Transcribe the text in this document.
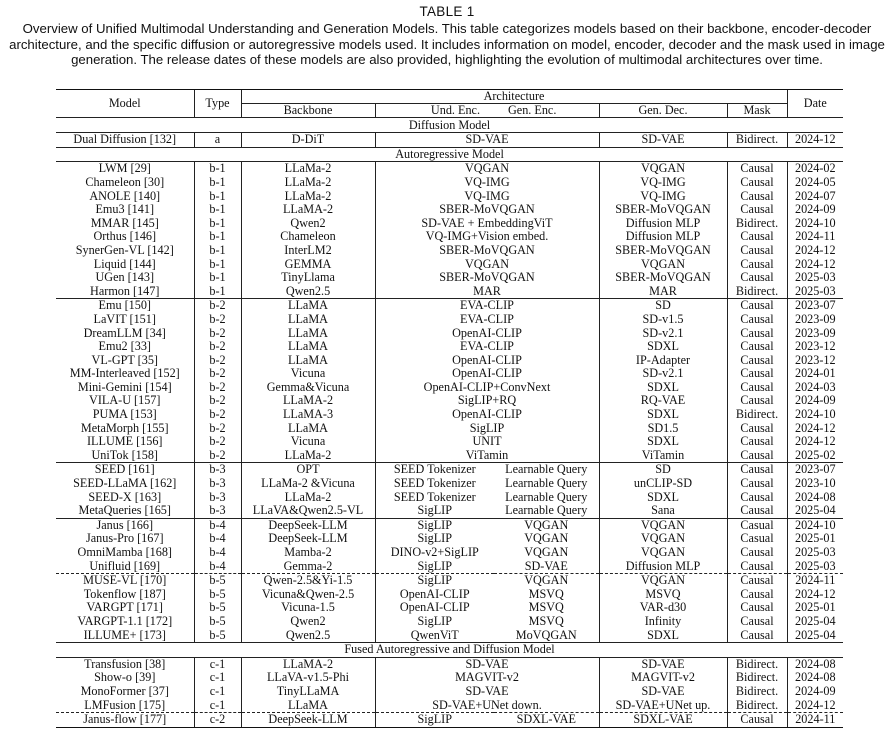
TABLE 1
Overview of Unified Multimodal Understanding and Generation Models. This table categorizes models based on their backbone, encoder-decoder architecture, and the specific diffusion or autoregressive models used. It includes information on model, encoder, decoder and the mask used in image generation. The release dates of these models are also provided, highlighting the evolution of multimodal architectures over time.
Model	Type	Architecture					Date
		Backbone	Und. Enc.	Gen. Enc.	Gen. Dec.	Mask	
Diffusion Model							
Dual Diffusion [132]	a	D-DiT	SD-VAE		SD-VAE	Bidirect.	2024-12
Autoregressive Model							
LWM [29]	b-1	LLaMa-2	VQGAN		VQGAN	Causal	2024-02
Chameleon [30]	b-1	LLaMa-2	VQ-IMG		VQ-IMG	Causal	2024-05
ANOLE [140]	b-1	LLaMa-2	VQ-IMG		VQ-IMG	Causal	2024-07
Emu3 [141]	b-1	LLaMA-2	SBER-MoVQGAN		SBER-MoVQGAN	Causal	2024-09
MMAR [145]	b-1	Qwen2	SD-VAE + EmbeddingViT		Diffusion MLP	Bidirect.	2024-10
Orthus [146]	b-1	Chameleon	VQ-IMG+Vision embed.		Diffusion MLP	Causal	2024-11
SynerGen-VL [142]	b-1	InterLM2	SBER-MoVQGAN		SBER-MoVQGAN	Causal	2024-12
Liquid [144]	b-1	GEMMA	VQGAN		VQGAN	Causal	2024-12
UGen [143]	b-1	TinyLlama	SBER-MoVQGAN		SBER-MoVQGAN	Causal	2025-03
Harmon [147]	b-1	Qwen2.5	MAR		MAR	Bidirect.	2025-03
Emu [150]	b-2	LLaMA	EVA-CLIP		SD	Causal	2023-07
LaVIT [151]	b-2	LLaMA	EVA-CLIP		SD-v1.5	Causal	2023-09
DreamLLM [34]	b-2	LLaMA	OpenAI-CLIP		SD-v2.1	Causal	2023-09
Emu2 [33]	b-2	LLaMA	EVA-CLIP		SDXL	Causal	2023-12
VL-GPT [35]	b-2	LLaMA	OpenAI-CLIP		IP-Adapter	Causal	2023-12
MM-Interleaved [152]	b-2	Vicuna	OpenAI-CLIP		SD-v2.1	Causal	2024-01
Mini-Gemini [154]	b-2	Gemma&Vicuna	OpenAI-CLIP+ConvNext		SDXL	Causal	2024-03
VILA-U [157]	b-2	LLaMA-2	SigLIP+RQ		RQ-VAE	Causal	2024-09
PUMA [153]	b-2	LLaMA-3	OpenAI-CLIP		SDXL	Bidirect.	2024-10
MetaMorph [155]	b-2	LLaMA	SigLIP		SD1.5	Causal	2024-12
ILLUME [156]	b-2	Vicuna	UNIT		SDXL	Causal	2024-12
UniTok [158]	b-2	LLaMa-2	ViTamin		ViTamin	Causal	2025-02
SEED [161]	b-3	OPT	SEED Tokenizer	Learnable Query	SD	Causal	2023-07
SEED-LLaMA [162]	b-3	LLaMa-2 &Vicuna	SEED Tokenizer	Learnable Query	unCLIP-SD	Causal	2023-10
SEED-X [163]	b-3	LLaMa-2	SEED Tokenizer	Learnable Query	SDXL	Causal	2024-08
MetaQueries [165]	b-3	LLaVA&Qwen2.5-VL	SigLIP	Learnable Query	Sana	Causal	2025-04
Janus [166]	b-4	DeepSeek-LLM	SigLIP	VQGAN	VQGAN	Casual	2024-10
Janus-Pro [167]	b-4	DeepSeek-LLM	SigLIP	VQGAN	VQGAN	Casual	2025-01
OmniMamba [168]	b-4	Mamba-2	DINO-v2+SigLIP	VQGAN	VQGAN	Causal	2025-03
Unifluid [169]	b-4	Gemma-2	SigLIP	SD-VAE	Diffusion MLP	Causal	2025-03
MUSE-VL [170]	b-5	Qwen-2.5&Yi-1.5	SigLIP	VQGAN	VQGAN	Causal	2024-11
Tokenflow [187]	b-5	Vicuna&Qwen-2.5	OpenAI-CLIP	MSVQ	MSVQ	Causal	2024-12
VARGPT [171]	b-5	Vicuna-1.5	OpenAI-CLIP	MSVQ	VAR-d30	Causal	2025-01
VARGPT-1.1 [172]	b-5	Qwen2	SigLIP	MSVQ	Infinity	Causal	2025-04
ILLUME+ [173]	b-5	Qwen2.5	QwenViT	MoVQGAN	SDXL	Causal	2025-04
Fused Autoregressive and Diffusion Model							
Transfusion [38]	c-1	LLaMA-2	SD-VAE		SD-VAE	Bidirect.	2024-08
Show-o [39]	c-1	LLaVA-v1.5-Phi	MAGVIT-v2		MAGVIT-v2	Bidirect.	2024-08
MonoFormer [37]	c-1	TinyLLaMA	SD-VAE		SD-VAE	Bidirect.	2024-09
LMFusion [175]	c-1	LLaMA	SD-VAE+UNet down.		SD-VAE+UNet up.	Bidirect.	2024-12
Janus-flow [177]	c-2	DeepSeek-LLM	SigLIP	SDXL-VAE	SDXL-VAE	Causal	2024-11
